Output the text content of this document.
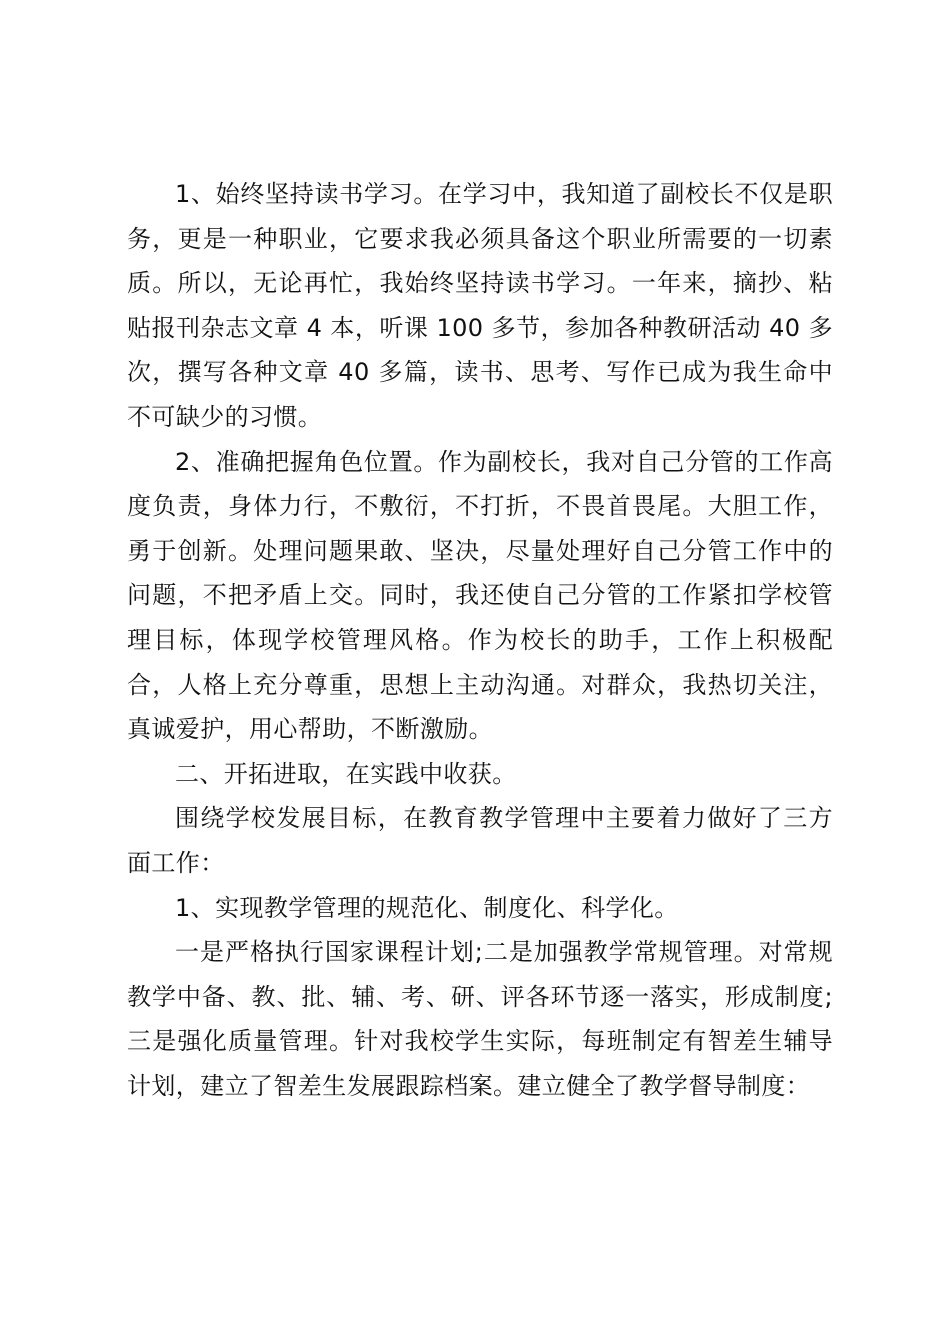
1、始终坚持读书学习。在学习中，我知道了副校长不仅是职务，更是一种职业，它要求我必须具备这个职业所需要的一切素质。所以，无论再忙，我始终坚持读书学习。一年来，摘抄、粘贴报刊杂志文章 4 本，听课 100 多节，参加各种教研活动 40 多次，撰写各种文章 40 多篇，读书、思考、写作已成为我生命中不可缺少的习惯。

2、准确把握角色位置。作为副校长，我对自己分管的工作高度负责，身体力行，不敷衍，不打折，不畏首畏尾。大胆工作，勇于创新。处理问题果敢、坚决，尽量处理好自己分管工作中的问题，不把矛盾上交。同时，我还使自己分管的工作紧扣学校管理目标，体现学校管理风格。作为校长的助手，工作上积极配合，人格上充分尊重，思想上主动沟通。对群众，我热切关注，真诚爱护，用心帮助，不断激励。

二、开拓进取，在实践中收获。

围绕学校发展目标，在教育教学管理中主要着力做好了三方面工作：

1、实现教学管理的规范化、制度化、科学化。

一是严格执行国家课程计划;二是加强教学常规管理。对常规教学中备、教、批、辅、考、研、评各环节逐一落实，形成制度;三是强化质量管理。针对我校学生实际，每班制定有智差生辅导计划，建立了智差生发展跟踪档案。建立健全了教学督导制度：
